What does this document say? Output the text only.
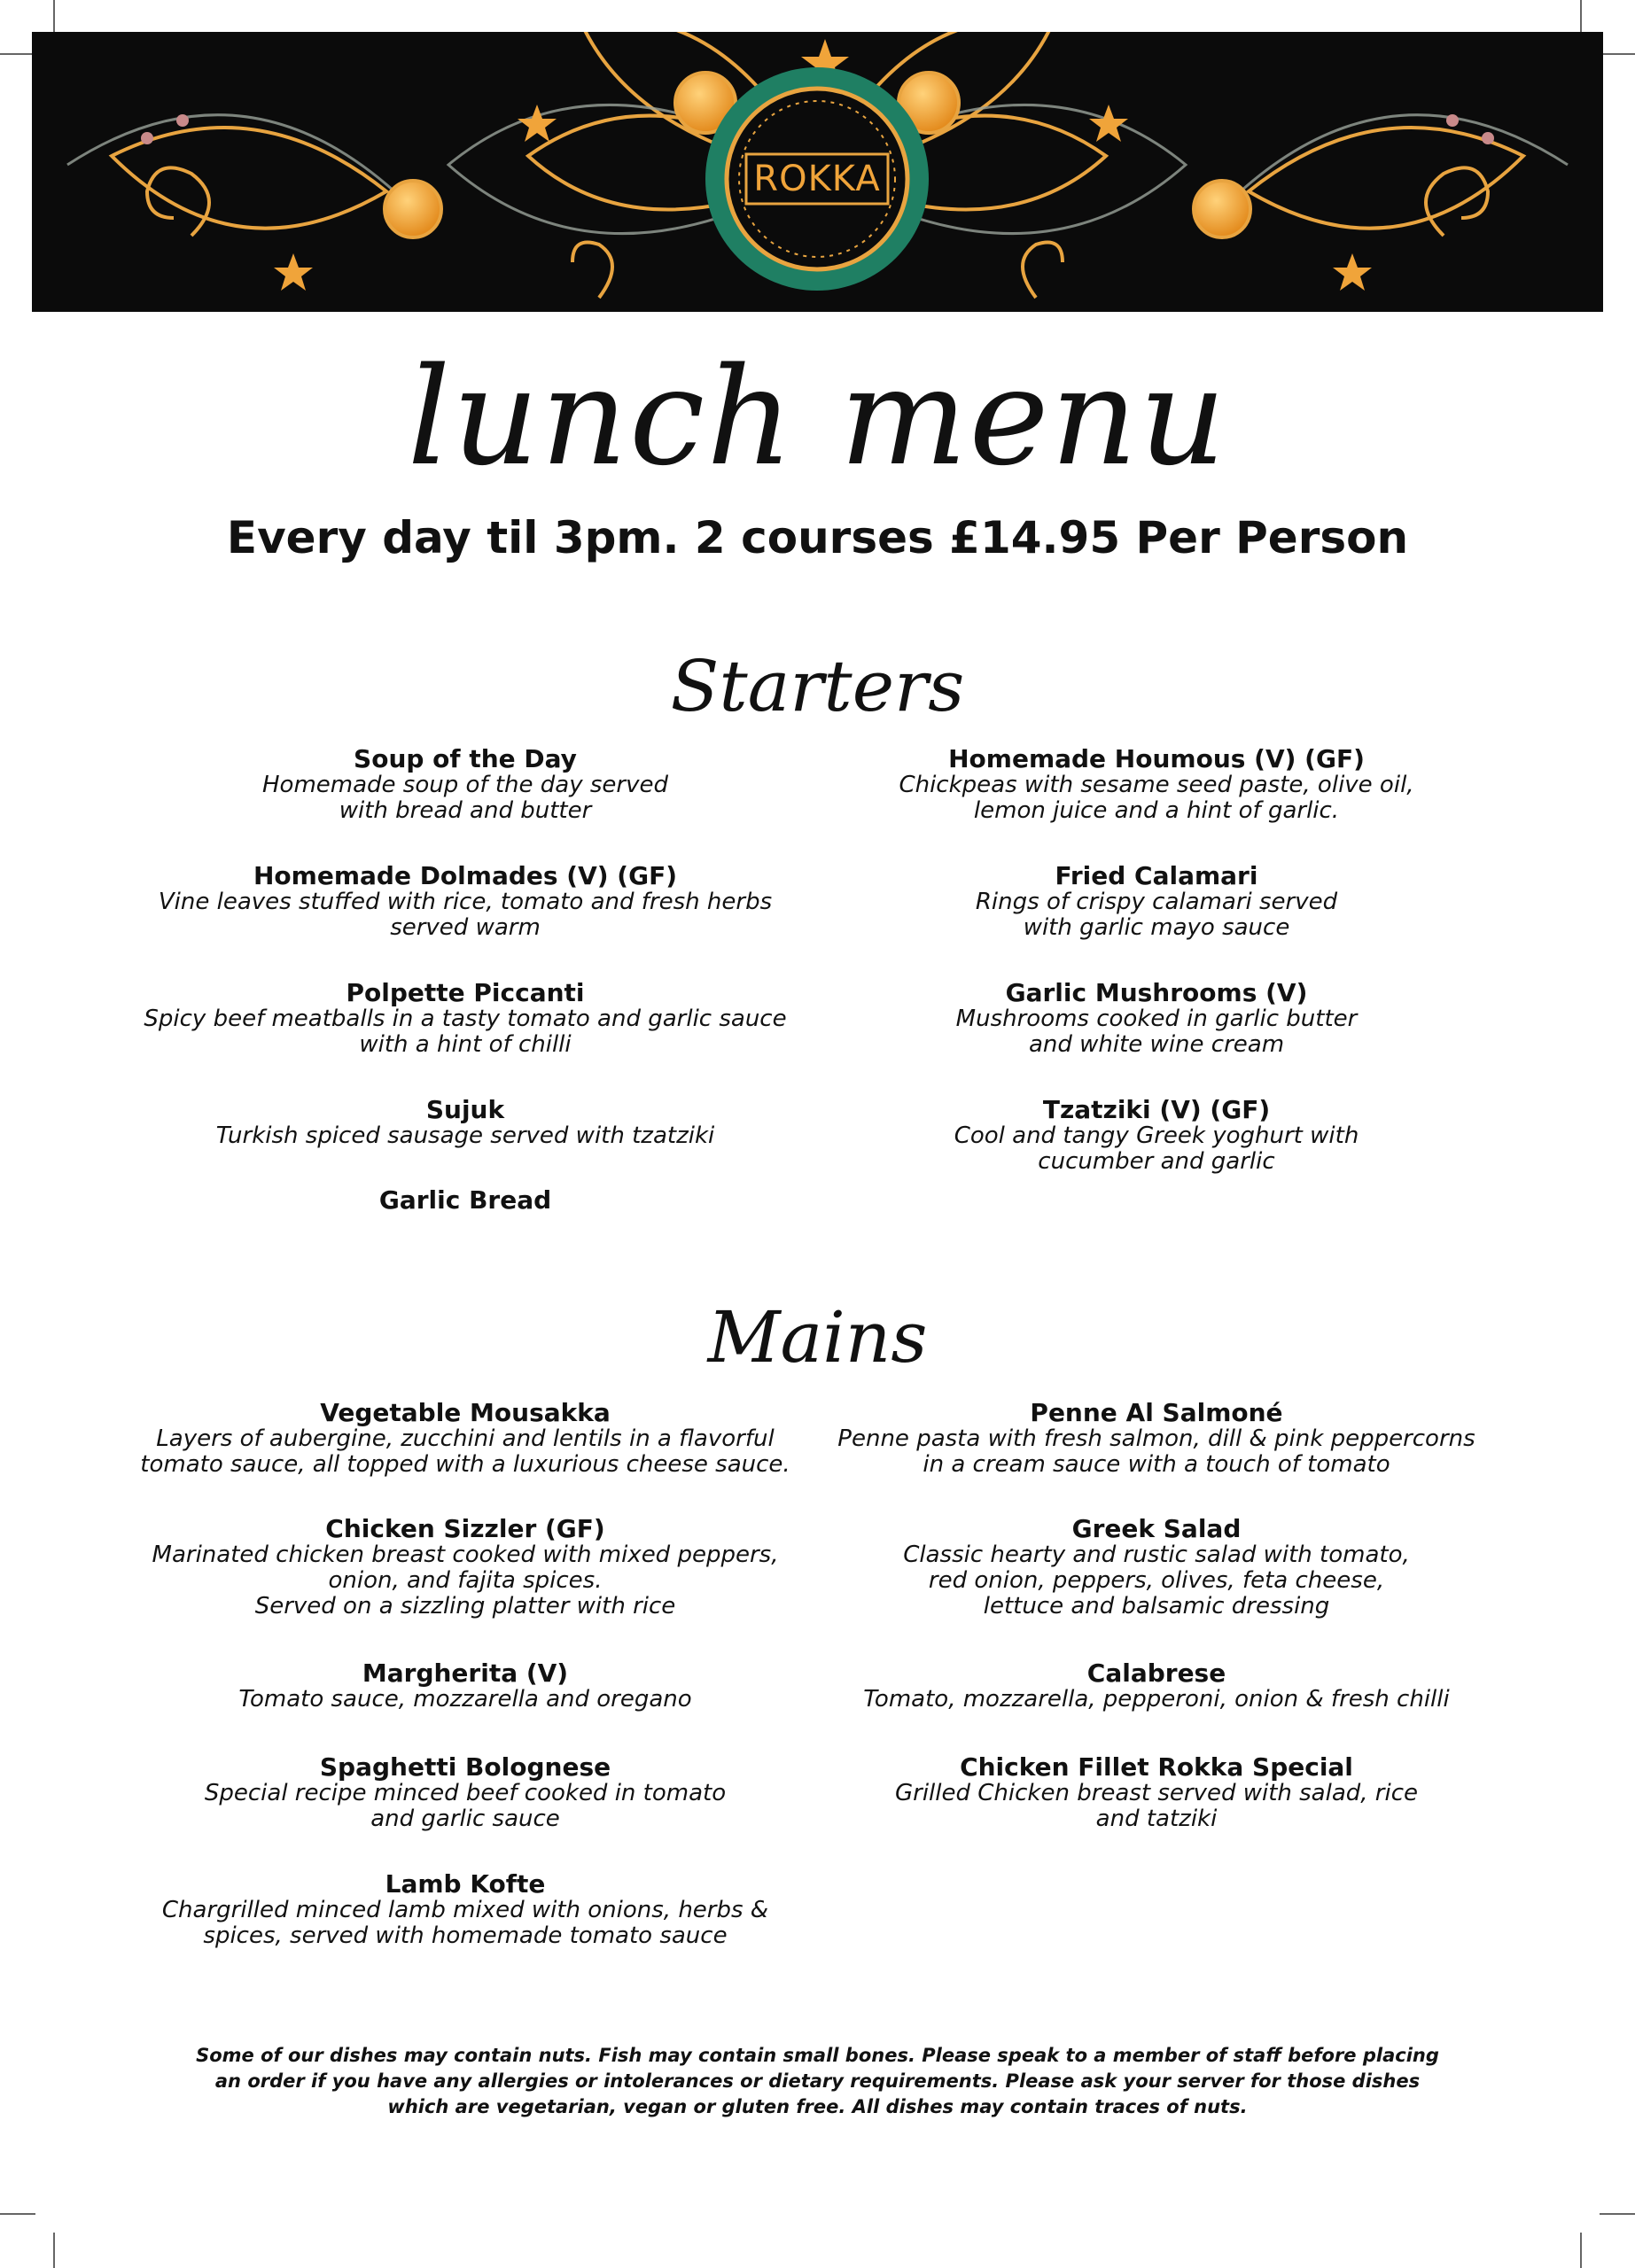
ROKKA
lunch menu
Every day til 3pm. 2 courses £14.95 Per Person
Starters
Soup of the Day
Homemade soup of the day served
with bread and butter
Homemade Dolmades (V) (GF)
Vine leaves stuffed with rice, tomato and fresh herbs
served warm
Polpette Piccanti
Spicy beef meatballs in a tasty tomato and garlic sauce
with a hint of chilli
Sujuk
Turkish spiced sausage served with tzatziki
Garlic Bread
Homemade Houmous (V) (GF)
Chickpeas with sesame seed paste, olive oil,
lemon juice and a hint of garlic.
Fried Calamari
Rings of crispy calamari served
with garlic mayo sauce
Garlic Mushrooms (V)
Mushrooms cooked in garlic butter
and white wine cream
Tzatziki (V) (GF)
Cool and tangy Greek yoghurt with
cucumber and garlic
Mains
Vegetable Mousakka
Layers of aubergine, zucchini and lentils in a flavorful
tomato sauce, all topped with a luxurious cheese sauce.
Chicken Sizzler (GF)
Marinated chicken breast cooked with mixed peppers,
onion, and fajita spices.
Served on a sizzling platter with rice
Margherita (V)
Tomato sauce, mozzarella and oregano
Spaghetti Bolognese
Special recipe minced beef cooked in tomato
and garlic sauce
Lamb Kofte
Chargrilled minced lamb mixed with onions, herbs &
spices, served with homemade tomato sauce
Penne Al Salmoné
Penne pasta with fresh salmon, dill & pink peppercorns
in a cream sauce with a touch of tomato
Greek Salad
Classic hearty and rustic salad with tomato,
red onion, peppers, olives, feta cheese,
lettuce and balsamic dressing
Calabrese
Tomato, mozzarella, pepperoni, onion & fresh chilli
Chicken Fillet Rokka Special
Grilled Chicken breast served with salad, rice
and tatziki
Some of our dishes may contain nuts. Fish may contain small bones. Please speak to a member of staff before placing an order if you have any allergies or intolerances or dietary requirements. Please ask your server for those dishes which are vegetarian, vegan or gluten free. All dishes may contain traces of nuts.
